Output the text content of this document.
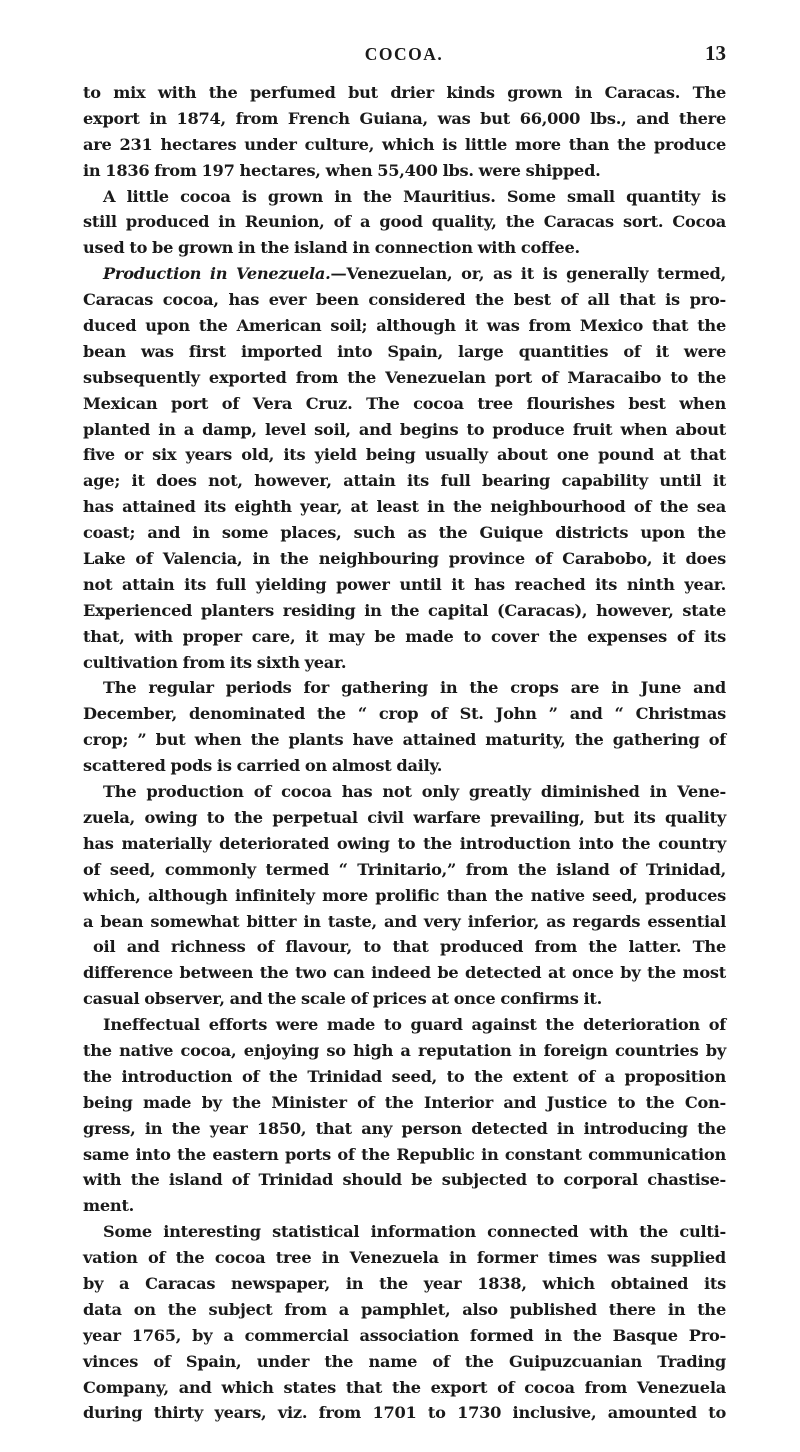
COCOA.	13
to mix with the perfumed but drier kinds grown in Caracas. The
export in 1874, from French Guiana, was but 66,000 lbs., and there
are 231 hectares under culture, which is little more than the produce
in 1836 from 197 hectares, when 55,400 lbs. were shipped.
A little cocoa is grown in the Mauritius. Some small quantity is
still produced in Reunion, of a good quality, the Caracas sort. Cocoa
used to be grown in the island in connection with coffee.
Production in Venezuela.—Venezuelan, or, as it is generally termed,
Caracas cocoa, has ever been considered the best of all that is pro-
duced upon the American soil; although it was from Mexico that the
bean was first imported into Spain, large quantities of it were
subsequently exported from the Venezuelan port of Maracaibo to the
Mexican port of Vera Cruz. The cocoa tree flourishes best when
planted in a damp, level soil, and begins to produce fruit when about
five or six years old, its yield being usually about one pound at that
age; it does not, however, attain its full bearing capability until it
has attained its eighth year, at least in the neighbourhood of the sea
coast; and in some places, such as the Guique districts upon the
Lake of Valencia, in the neighbouring province of Carabobo, it does
not attain its full yielding power until it has reached its ninth year.
Experienced planters residing in the capital (Caracas), however, state
that, with proper care, it may be made to cover the expenses of its
cultivation from its sixth year.
The regular periods for gathering in the crops are in June and
December, denominated the “ crop of St. John ” and “ Christmas
crop; ” but when the plants have attained maturity, the gathering of
scattered pods is carried on almost daily.
The production of cocoa has not only greatly diminished in Vene-
zuela, owing to the perpetual civil warfare prevailing, but its quality
has materially deteriorated owing to the introduction into the country
of seed, commonly termed “ Trinitario,” from the island of Trinidad,
which, although infinitely more prolific than the native seed, produces
a bean somewhat bitter in taste, and very inferior, as regards essential
oil and richness of flavour, to that produced from the latter. The
difference between the two can indeed be detected at once by the most
casual observer, and the scale of prices at once confirms it.
Ineffectual efforts were made to guard against the deterioration of
the native cocoa, enjoying so high a reputation in foreign countries by
the introduction of the Trinidad seed, to the extent of a proposition
being made by the Minister of the Interior and Justice to the Con-
gress, in the year 1850, that any person detected in introducing the
same into the eastern ports of the Republic in constant communication
with the island of Trinidad should be subjected to corporal chastise-
ment.
Some interesting statistical information connected with the culti-
vation of the cocoa tree in Venezuela in former times was supplied
by a Caracas newspaper, in the year 1838, which obtained its
data on the subject from a pamphlet, also published there in the
year 1765, by a commercial association formed in the Basque Pro-
vinces of Spain, under the name of the Guipuzcuanian Trading
Company, and which states that the export of cocoa from Venezuela
during thirty years, viz. from 1701 to 1730 inclusive, amounted to
